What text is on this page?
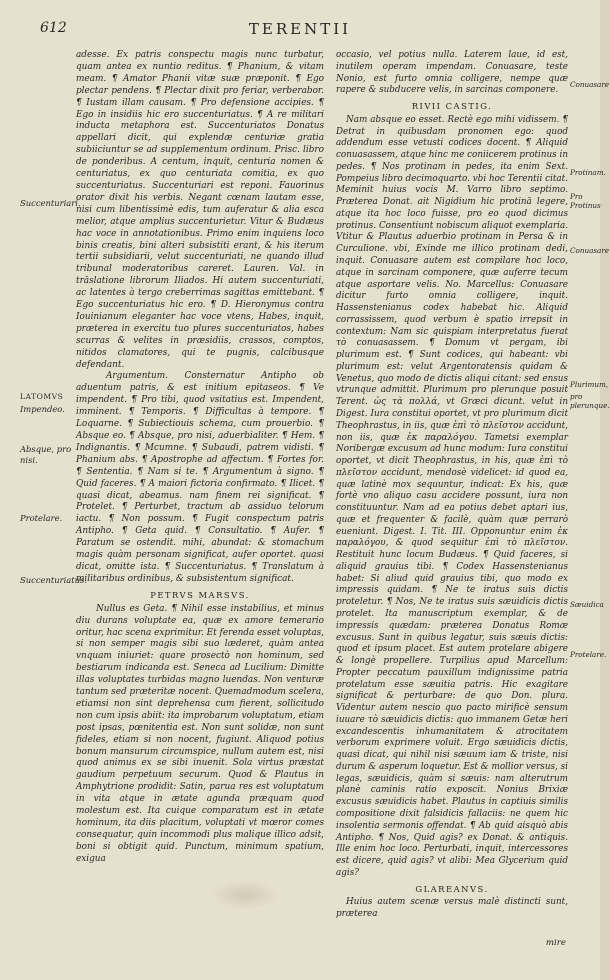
612	TERENTII

adesse. Ex patris conspectu magis nunc turbatur, quam antea ex nuntio reditus. ¶ Phanium, & vitam meam. ¶ Amator Phanii vitæ suæ præponit. ¶ Ego plectar pendens. ¶ Plectar dixit pro feriar, verberabor. ¶ Iustam illam causam. ¶ Pro defensione accipies. ¶ Ego in insidiis hic ero succenturiatus. ¶ A re militari inducta metaphora est. Succenturiatos Donatus appellari dicit, qui explendæ centuriæ gratia subiiciuntur se ad supplementum ordinum. Prisc. libro de ponderibus. A centum, inquit, centuria nomen & centuriatus, ex quo centuriata comitia, ex quo succenturiatus. Succenturiari est reponi. Fauorinus orator dixit his verbis. Negant cœnam lautam esse, nisi cum libentissimè edis, tum auferatur & alia esca melior, atque amplius succenturietur. Vitur & Budæus hac voce in annotationibus. Primo enim inquiens loco binis creatis, bini alteri subsistiti erant, & his iterum tertii subsidiarii, velut succenturiati, ne quando illud tribunal moderatoribus careret. Lauren. Val. in trāslatione librorum Iliados. Hi autem succenturiati, ac latentes à tergo creberrimas sagittas emittebant. ¶ Ego succenturiatus hic ero. ¶ D. Hieronymus contra Iouinianum eleganter hac voce vtens, Habes, inquit, præterea in exercitu tuo plures succenturiatos, habes scurras & velites in præsidiis, crassos, comptos, nitidos clamatores, qui te pugnis, calcibusque defendant.

Argumentum. Consternatur Antipho ob aduentum patris, & est initium epitaseos. ¶ Ve impendent. ¶ Pro tibi, quod vsitatius est. Impendent, imminent. ¶ Temporis. ¶ Difficultas à tempore. ¶ Loquarne. ¶ Subiectiouis schema, cum prouerbio. ¶ Absque eo. ¶ Absque, pro nisi, aduerbialiter. ¶ Hem. ¶ Indignantis. ¶ Mcumne. ¶ Subaudi, patrem vidisti. ¶ Phanium abs. ¶ Apostrophe ad affectum. ¶ Fortes for. ¶ Sententia. ¶ Nam si te. ¶ Argumentum à signo. ¶ Quid faceres. ¶ A maiori fictoria confirmato. ¶ Ilicet. ¶ quasi dicat, abeamus. nam finem rei significat. ¶ Protelet. ¶ Perturbet, tractum ab assiduo telorum iactu. ¶ Non possum. ¶ Fugit conspectum patris Antipho. ¶ Geta quid. ¶ Consultatio. ¶ Aufer. ¶ Paratum se ostendit. mihi, abundat: & stomachum magis quàm personam significat, aufer oportet. quasi dicat, omitte ista. ¶ Succenturiatus. ¶ Translatum à militaribus ordinibus, & subsistentum significat.

PETRVS MARSVS.

Nullus es Geta. ¶ Nihil esse instabilius, et minus diu durans voluptate ea, quæ ex amore temerario oritur, hac scena exprimitur. Et ferenda esset voluptas, si non semper magis sibi suo læderet, quàm antea vnquam iniuriet: quare prosectò non hominum, sed bestiarum indicanda est. Seneca ad Lucilium: Dimitte illas voluptates turbidas magno luendas. Non venturæ tantum sed præteritæ nocent. Quemadmodum scelera, etiamsi non sint deprehensa cum fierent, sollicitudo non cum ipsis abiit: ita improbarum voluptatum, etiam post ipsas, pœnitentia est. Non sunt solidæ, non sunt fideles, etiam si non nocent, fugiunt. Aliquod potius bonum mansurum circumspice, nullum autem est, nisi quod animus ex se sibi inuenit. Sola virtus præstat gaudium perpetuum securum. Quod & Plautus in Amphytrione prodidit: Satin, parua res est voluptatum in vita atque in ætate agunda præquam quod molestum est. Ita cuique comparatum est in ætate hominum, ita diis placitum, voluptati vt mœror comes consequatur, quin incommodi plus malique illico adsit, boni si obtigit quid. Punctum, minimum spatium, exigua

occasio, vel potius nulla. Laterem laue, id est, inutilem operam impendam. Conuasare, teste Nonio, est furto omnia colligere, nempe quæ rapere & subducere velis, in sarcinas componere.

RIVII CASTIG.

Nam absque eo esset. Rectè ego mihi vidissem. ¶ Detrat in quibusdam pronomen ego: quod addendum esse vetusti codices docent. ¶ Aliquid conuasassem, atque hinc me coniicerem protinus in pedes. ¶ Nos protinam in pedes, ita enim Sext. Pompeius libro decimoquarto. vbi hoc Terentii citat. Meminit huius vocis M. Varro libro septimo. Præterea Donat. ait Nigidium hic protinā legere, atque ita hoc loco fuisse, pro eo quod dicimus protinus. Consentiunt nobiscum aliquot exemplaria. Vtitur & Plautus aduerbio protinam in Persa & in Curculione. vbi, Exinde me illico protinam dedi, inquit. Conuasare autem est compilare hoc loco, atque in sarcinam componere, quæ auferre tecum atque asportare velis. No. Marcellus: Conuasare dicitur furto omnia colligere, inquit. Hassenstenianus codex habebat hic. Aliquid corrassissem, quod verbum è spatio irrepsit in contextum: Nam sic quispiam interpretatus fuerat τὸ conuasassem. ¶ Domum vt pergam, ibi plurimum est. ¶ Sunt codices, qui habeant: vbi plurimum est: velut Argentoratensis quidam & Venetus, quo modo de dictis aliqui citant: sed ensus vtrunque admittit. Plurimum pro plerunque posuit Terent. ὡς τὰ πολλά, vt Græci dicunt. velut in Digest. Iura constitui oportet, vt pro plurimum dicit Theophrastus, in iis, quæ ἐπὶ τὸ πλεῖστον accidunt, non iis, quæ ἐκ παραλόγου. Tametsi exemplar Noribergæ excusum ad hunc modum: Iura constitui oportet, vt dicit Theophrastus, in his, quæ ἐπὶ τὸ πλεῖστον accidunt, mendosè videlicet: id quod ea, quæ latinè mox sequuntur, indicat: Ex his, quæ fortè vno aliquo casu accidere possunt, iura non constituuntur. Nam ad ea potius debet aptari ius, quæ et frequenter & facilè, quàm quæ perrarò eueniunt. Digest. I. Tit. III. Opponuntur enim ἐκ παραλόγου, & quod sequitur ἐπὶ τὸ πλεῖστον. Restituit hunc locum Budæus. ¶ Quid faceres, si aliquid grauius tibi. ¶ Codex Hassenstenianus habet: Si aliud quid grauius tibi, quo modo ex impressis quidam. ¶ Ne te iratus suis dictis proteletur. ¶ Nos, Ne te iratus suis sæuidicis dictis protelet. Ita manuscriptum exemplar, & de impressis quædam: præterea Donatus Romæ excusus. Sunt in quibus legatur, suis sæuis dictis: quod et ipsum placet. Est autem protelare abigere & longè propellere. Turpilius apud Marcellum: Propter peccatum pauxillum indignissime patria protelatum esse sæuitia patris. Hic exagitare significat & perturbare: de quo Don. plura. Videntur autem nescio quo pacto mirificè sensum iuuare τὸ sæuidicis dictis: quo immanem Getæ heri excandescentis inhumanitatem & atrocitatem verborum exprimere voluit. Ergo sæuidicis dictis, quasi dicat, qui nihil nisi sæuum iam & triste, nisi durum & asperum loquetur. Est & mollior versus, si legas, sæuidicis, quàm si sæuis: nam alterutrum planè caminis ratio exposcit. Nonius Brixiæ excusus sæuidicis habet. Plautus in captiuis similis compositione dixit falsidicis fallaciis: ne quem hic insolentia sermonis offendat. ¶ Ab quid aisquò abis Antipho. ¶ Nos, Quid agis? ex Donat. & antiquis. Ille enim hoc loco. Perturbati, inquit, intercessores est dicere, quid agis? vt alibi: Mea Glycerium quid agis?

GLAREANVS.

Huius autem scenæ versus malè distincti sunt, præterea

Succenturiari.
LATOMVS
Impendeo.
Absque, pro nisi.
Protelare.
Succenturiatus.
Conuasare
Protinam.
Pro Protinus
Conuasare
Plurimum,
pro plerunque.
Sæuidica
Protelare.
mire
